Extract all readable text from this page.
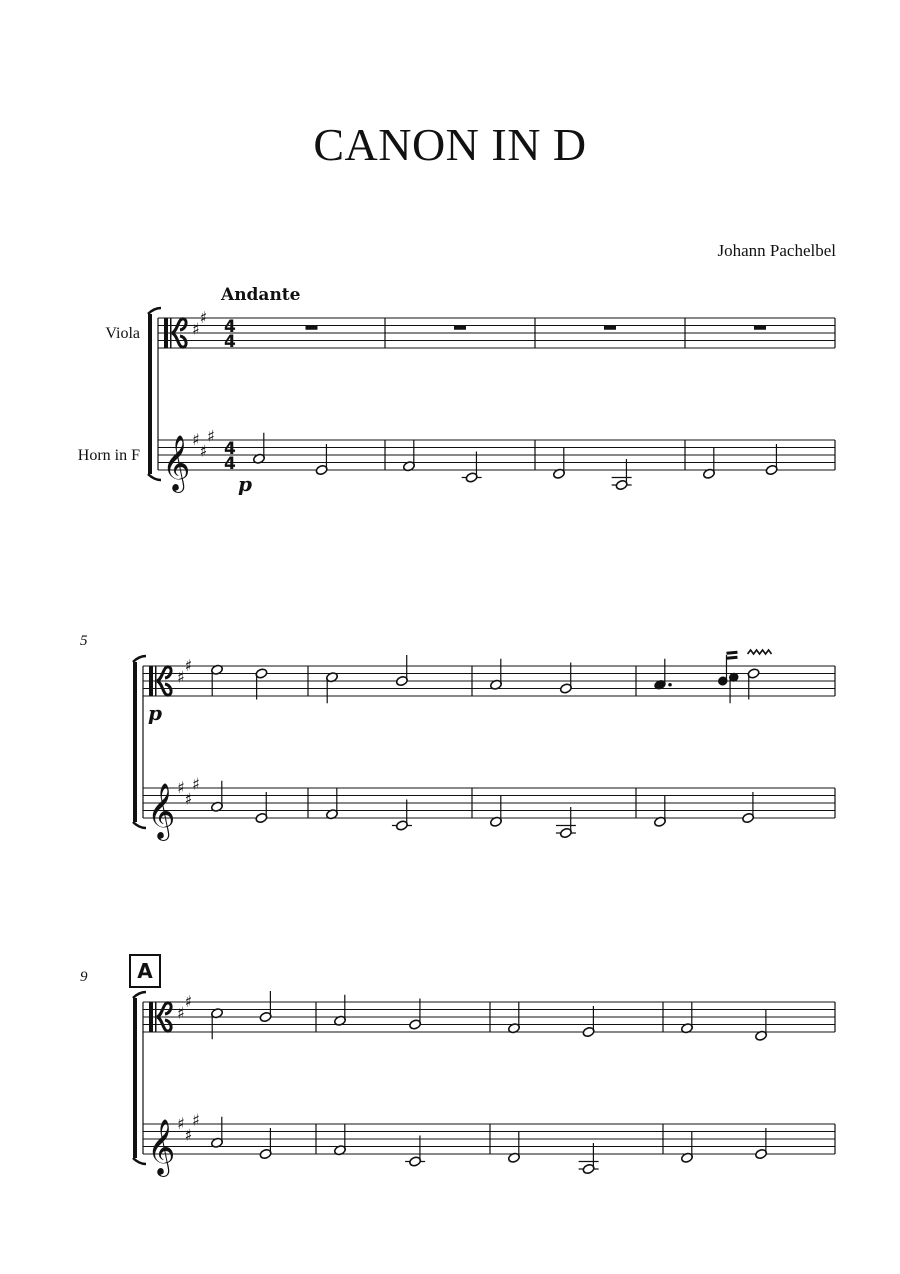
CANON IN D
Johann Pachelbel
Andante
Viola
Horn in F
5
9	A
𝄞
♯
♯
♯
♯
♯
4
4
4
4
p
𝄞
♯
♯
♯
♯
♯
p
𝄞
♯
♯
♯
♯
♯
